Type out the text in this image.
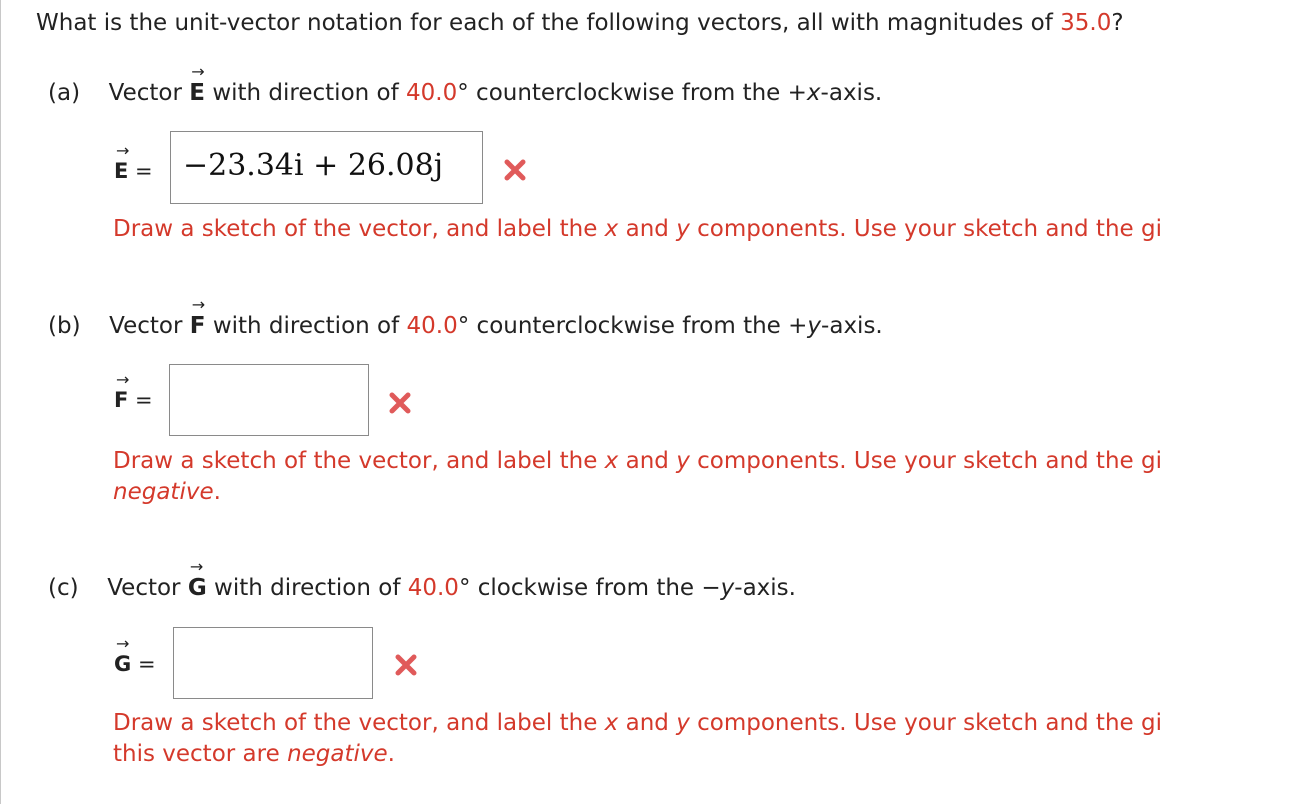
What is the unit-vector notation for each of the following vectors, all with magnitudes of 35.0?
(a) Vector
→
E with direction of 40.0° counterclockwise from the +x-axis.
→
E = −23.34i + 26.08j
Draw a sketch of the vector, and label the x and y components. Use your sketch and the gi
(b) Vector
→
F with direction of 40.0° counterclockwise from the +y-axis.
→
F =
Draw a sketch of the vector, and label the x and y components. Use your sketch and the gi
negative.
(c) Vector
→
G with direction of 40.0° clockwise from the −y-axis.
→
G =
Draw a sketch of the vector, and label the x and y components. Use your sketch and the gi
this vector are negative.
